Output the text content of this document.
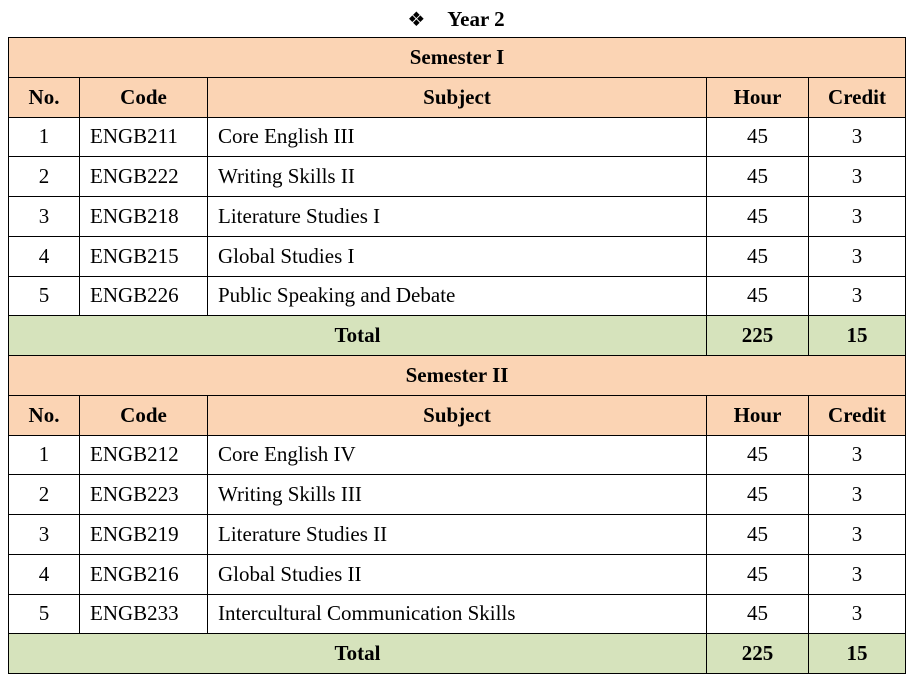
❖ Year 2
Semester I				
No.	Code	Subject	Hour	Credit
1	ENGB211	Core English III	45	3
2	ENGB222	Writing Skills II	45	3
3	ENGB218	Literature Studies I	45	3
4	ENGB215	Global Studies I	45	3
5	ENGB226	Public Speaking and Debate	45	3
Total			225	15
Semester II				
No.	Code	Subject	Hour	Credit
1	ENGB212	Core English IV	45	3
2	ENGB223	Writing Skills III	45	3
3	ENGB219	Literature Studies II	45	3
4	ENGB216	Global Studies II	45	3
5	ENGB233	Intercultural Communication Skills	45	3
Total			225	15
